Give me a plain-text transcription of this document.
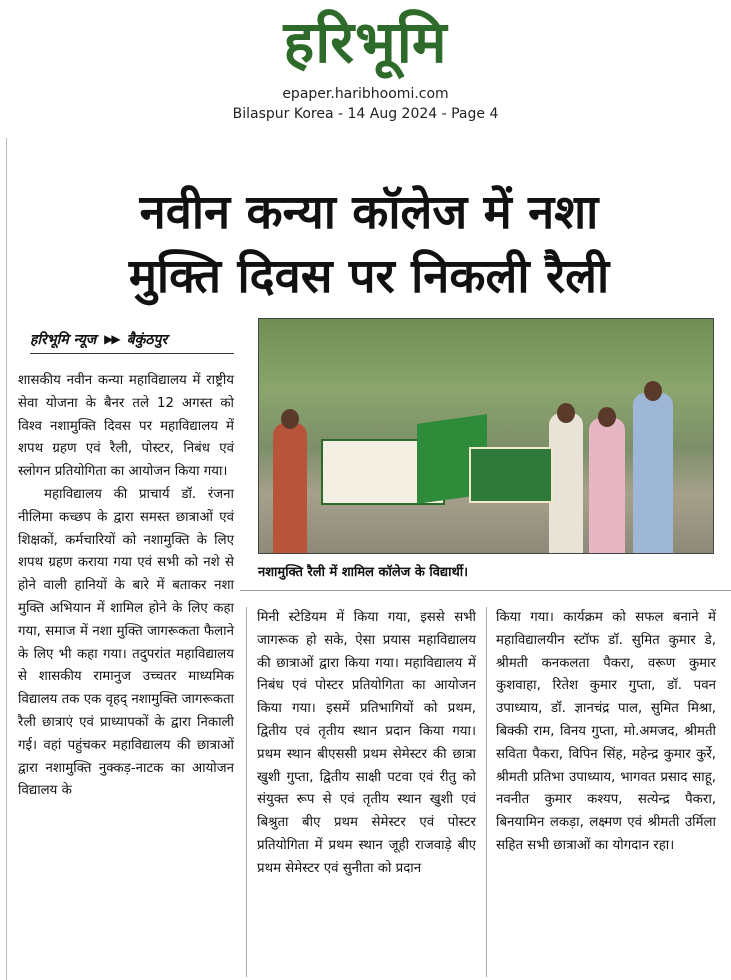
हरिभूमि
epaper.haribhoomi.com
Bilaspur Korea - 14 Aug 2024 - Page 4
नवीन कन्या कॉलेज में नशा
मुक्ति दिवस पर निकली रैली
हरिभूमि न्यूज ▶▶ बैकुंठपुर
नशामुक्ति रैली में शामिल कॉलेज के विद्यार्थी।

शासकीय नवीन कन्या महाविद्यालय में राष्ट्रीय सेवा योजना के बैनर तले 12 अगस्त को विश्व नशामुक्ति दिवस पर महाविद्यालय में शपथ ग्रहण एवं रैली, पोस्टर, निबंध एवं स्लोगन प्रतियोगिता का आयोजन किया गया।

महाविद्यालय की प्राचार्य डॉ. रंजना नीलिमा कच्छप के द्वारा समस्त छात्राओं एवं शिक्षकों, कर्मचारियों को नशामुक्ति के लिए शपथ ग्रहण कराया गया एवं सभी को नशे से होने वाली हानियों के बारे में बताकर नशा मुक्ति अभियान में शामिल होने के लिए कहा गया, समाज में नशा मुक्ति जागरूकता फैलाने के लिए भी कहा गया। तदुपरांत महाविद्यालय से शासकीय रामानुज उच्चतर माध्यमिक विद्यालय तक एक वृहद् नशामुक्ति जागरूकता रैली छात्राएं एवं प्राध्यापकों के द्वारा निकाली गई। वहां पहुंचकर महाविद्यालय की छात्राओं द्वारा नशामुक्ति नुक्कड़-नाटक का आयोजन विद्यालय के

मिनी स्टेडियम में किया गया, इससे सभी जागरूक हो सके, ऐसा प्रयास महाविद्यालय की छात्राओं द्वारा किया गया। महाविद्यालय में निबंध एवं पोस्टर प्रतियोगिता का आयोजन किया गया। इसमें प्रतिभागियों को प्रथम, द्वितीय एवं तृतीय स्थान प्रदान किया गया। प्रथम स्थान बीएससी प्रथम सेमेस्टर की छात्रा खुशी गुप्ता, द्वितीय साक्षी पटवा एवं रीतु को संयुक्त रूप से एवं तृतीय स्थान खुशी एवं बिश्रुता बीए प्रथम सेमेस्टर एवं पोस्टर प्रतियोगिता में प्रथम स्थान जूही राजवाड़े बीए प्रथम सेमेस्टर एवं सुनीता को प्रदान

किया गया। कार्यक्रम को सफल बनाने में महाविद्यालयीन स्टॉफ डॉ. सुमित कुमार डे, श्रीमती कनकलता पैकरा, वरूण कुमार कुशवाहा, रितेश कुमार गुप्ता, डॉ. पवन उपाध्याय, डॉ. ज्ञानचंद्र पाल, सुमित मिश्रा, बिक्की राम, विनय गुप्ता, मो.अमजद, श्रीमती सविता पैकरा, विपिन सिंह, महेन्द्र कुमार कुर्रे, श्रीमती प्रतिभा उपाध्याय, भागवत प्रसाद साहू, नवनीत कुमार कश्यप, सत्येन्द्र पैकरा, बिनयामिन लकड़ा, लक्ष्मण एवं श्रीमती उर्मिला सहित सभी छात्राओं का योगदान रहा।
